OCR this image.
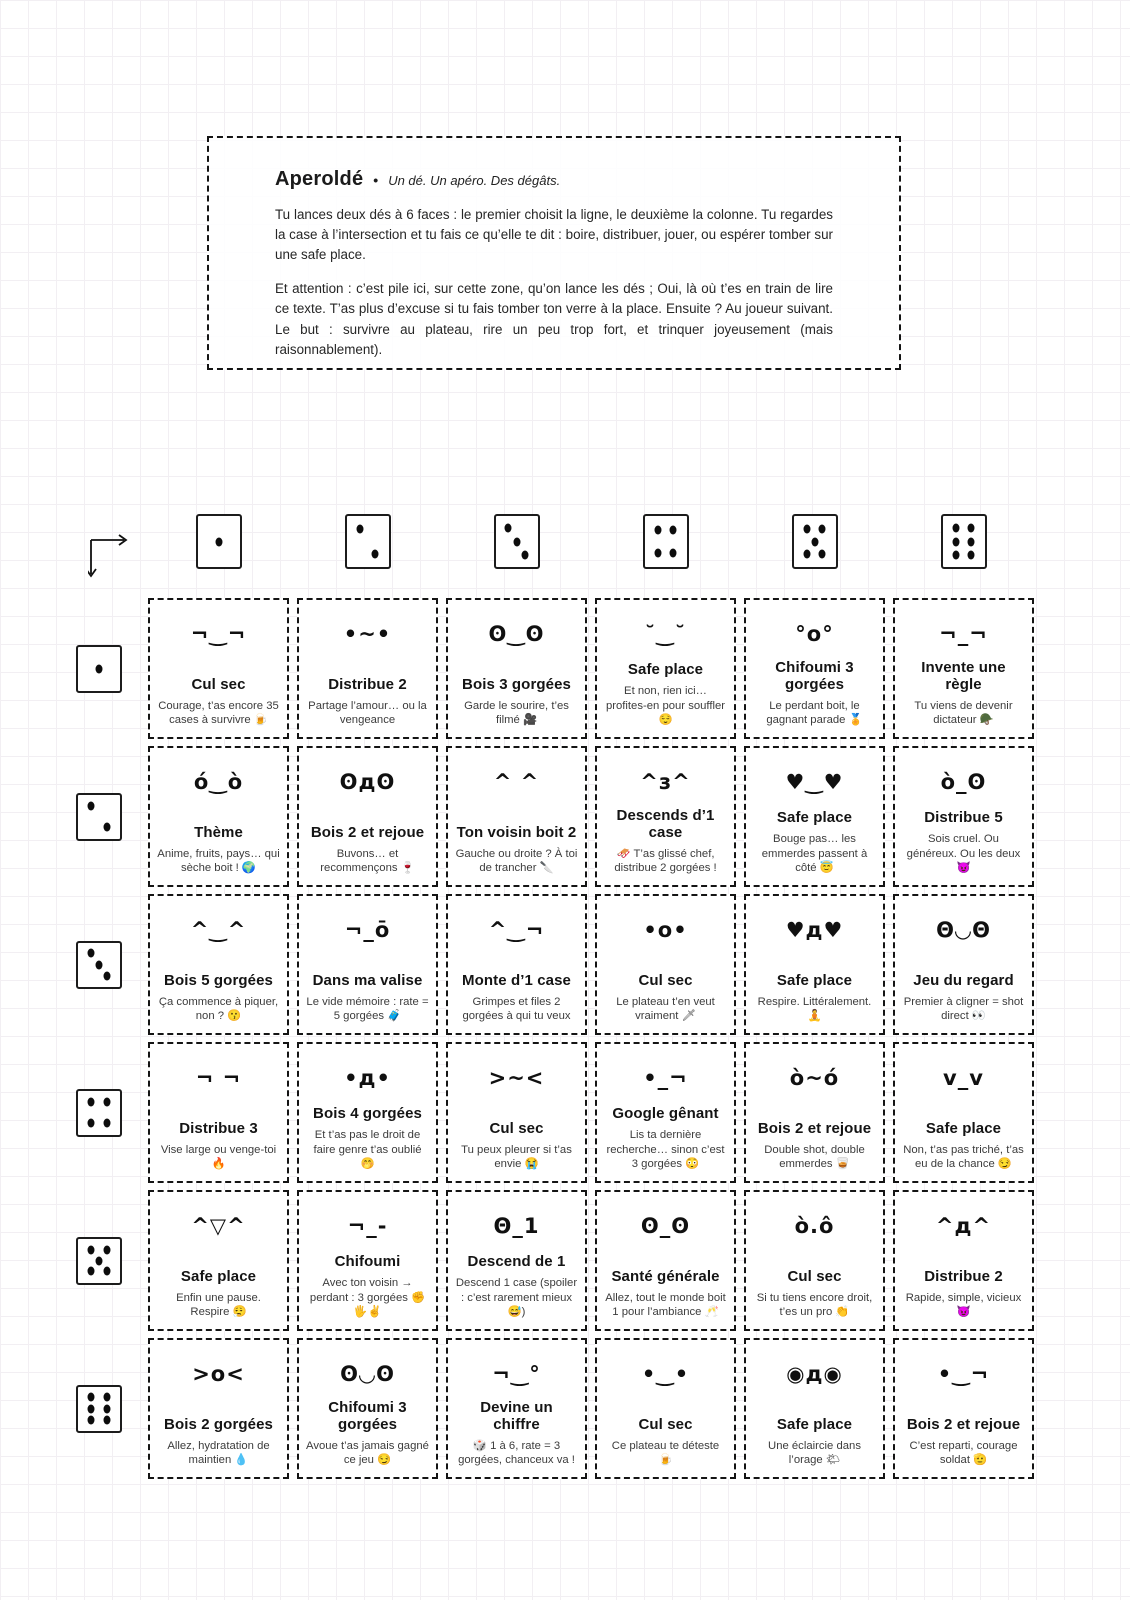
Aperoldé • Un dé. Un apéro. Des dégâts.

Tu lances deux dés à 6 faces : le premier choisit la ligne, le deuxième la colonne. Tu regardes la case à l’intersection et tu fais ce qu’elle te dit : boire, distribuer, jouer, ou espérer tomber sur une safe place.

Et attention : c’est pile ici, sur cette zone, qu’on lance les dés ; Oui, là où t’es en train de lire ce texte. T’as plus d’excuse si tu fais tomber ton verre à la place. Ensuite ? Au joueur suivant. Le but : survivre au plateau, rire un peu trop fort, et trinquer joyeusement (mais raisonnablement).

¬‿¬
Cul sec
Courage, t’as encore 35 cases à survivre 🍺
•~•
Distribue 2
Partage l’amour… ou la vengeance
ʘ‿ʘ
Bois 3 gorgées
Garde le sourire, t’es filmé 🎥
˘‿˘
Safe place
Et non, rien ici… profites-en pour souffler 😌
°o°
Chifoumi 3 gorgées
Le perdant boit, le gagnant parade 🏅
¬_¬
Invente une règle
Tu viens de devenir dictateur 🪖
ó‿ò
Thème
Anime, fruits, pays… qui sèche boit ! 🌍
ʘдʘ
Bois 2 et rejoue
Buvons… et recommençons 🍷
^ ^
Ton voisin boit 2
Gauche ou droite ? À toi de trancher 🔪
^з^
Descends d’1 case
🛷 T’as glissé chef, distribue 2 gorgées !
♥‿♥
Safe place
Bouge pas… les emmerdes passent à côté 😇
ò_ʘ
Distribue 5
Sois cruel. Ou généreux. Ou les deux 😈
^‿^
Bois 5 gorgées
Ça commence à piquer, non ? 😗
¬_ō
Dans ma valise
Le vide mémoire : rate = 5 gorgées 🧳
^‿¬
Monte d’1 case
Grimpes et files 2 gorgées à qui tu veux
•o•
Cul sec
Le plateau t’en veut vraiment 🗡
♥д♥
Safe place
Respire. Littéralement. 🧘
Θ◡Θ
Jeu du regard
Premier à cligner = shot direct 👀
¬ ¬
Distribue 3
Vise large ou venge-toi 🔥
•д•
Bois 4 gorgées
Et t’as pas le droit de faire genre t’as oublié 🤭
>~<
Cul sec
Tu peux pleurer si t’as envie 😭
•_¬
Google gênant
Lis ta dernière recherche… sinon c’est 3 gorgées 😳
ò~ó
Bois 2 et rejoue
Double shot, double emmerdes 🥃
v_v
Safe place
Non, t’as pas triché, t’as eu de la chance 😏
^▽^
Safe place
Enfin une pause. Respire 😮‍💨
¬_-
Chifoumi
Avec ton voisin → perdant : 3 gorgées ✊🖐✌
Θ_1
Descend de 1
Descend 1 case (spoiler : c’est rarement mieux 😅)
ʘ_ʘ
Santé générale
Allez, tout le monde boit 1 pour l’ambiance 🥂
ò.ô
Cul sec
Si tu tiens encore droit, t’es un pro 👏
^д^
Distribue 2
Rapide, simple, vicieux 😈
>o<
Bois 2 gorgées
Allez, hydratation de maintien 💧
ʘ◡ʘ
Chifoumi 3 gorgées
Avoue t’as jamais gagné ce jeu 😏
¬‿°
Devine un chiffre
🎲 1 à 6, rate = 3 gorgées, chanceux va !
•‿•
Cul sec
Ce plateau te déteste 🍺
◉д◉
Safe place
Une éclaircie dans l’orage 🌤
•‿¬
Bois 2 et rejoue
C’est reparti, courage soldat 🫡
